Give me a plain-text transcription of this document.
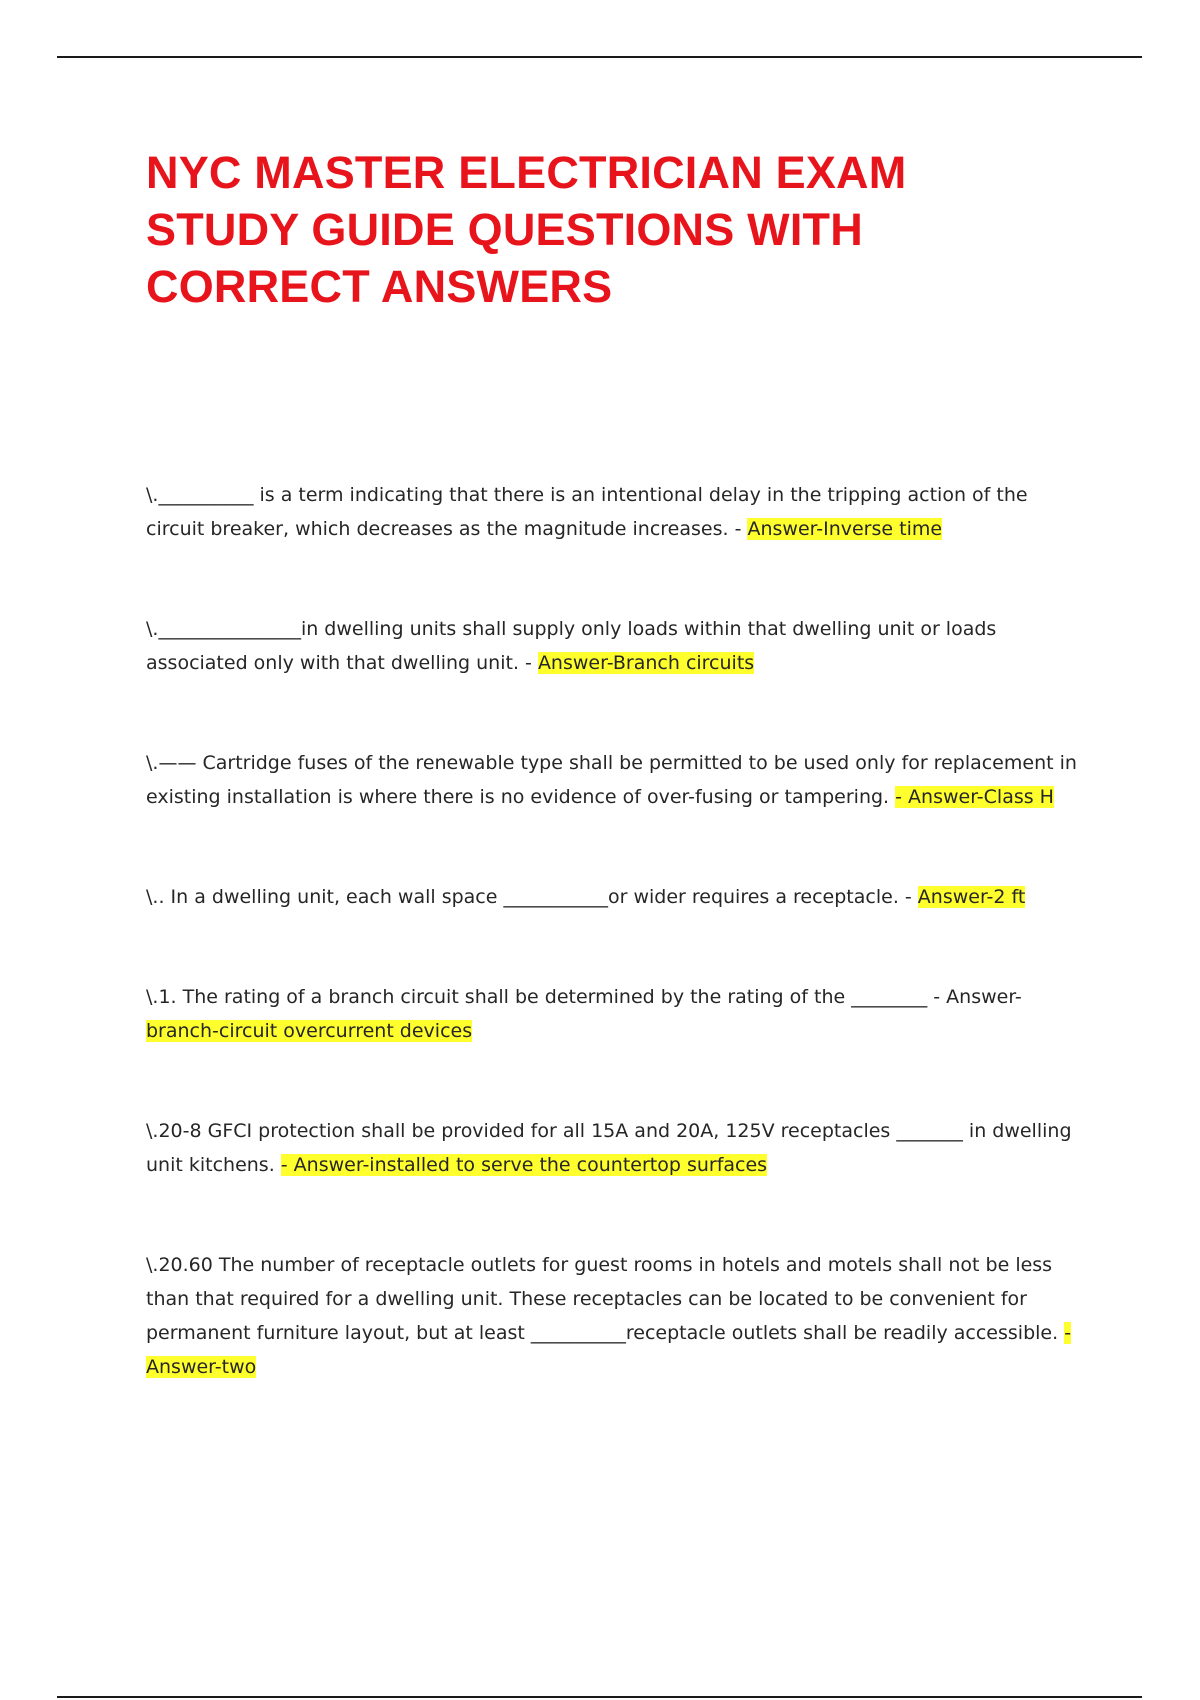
NYC MASTER ELECTRICIAN EXAM
STUDY GUIDE QUESTIONS WITH
CORRECT ANSWERS

\.__________ is a term indicating that there is an intentional delay in the tripping action of the circuit breaker, which decreases as the magnitude increases. - Answer-Inverse time

\._______________in dwelling units shall supply only loads within that dwelling unit or loads associated only with that dwelling unit. - Answer-Branch circuits

\.—— Cartridge fuses of the renewable type shall be permitted to be used only for replacement in existing installation is where there is no evidence of over-fusing or tampering. - Answer-Class H

\.. In a dwelling unit, each wall space ___________or wider requires a receptacle. - Answer-2 ft

\.1. The rating of a branch circuit shall be determined by the rating of the ________ - Answer-branch-circuit overcurrent devices

\.20-8 GFCI protection shall be provided for all 15A and 20A, 125V receptacles _______ in dwelling unit kitchens. - Answer-installed to serve the countertop surfaces

\.20.60 The number of receptacle outlets for guest rooms in hotels and motels shall not be less than that required for a dwelling unit. These receptacles can be located to be convenient for permanent furniture layout, but at least __________receptacle outlets shall be readily accessible. - Answer-two
